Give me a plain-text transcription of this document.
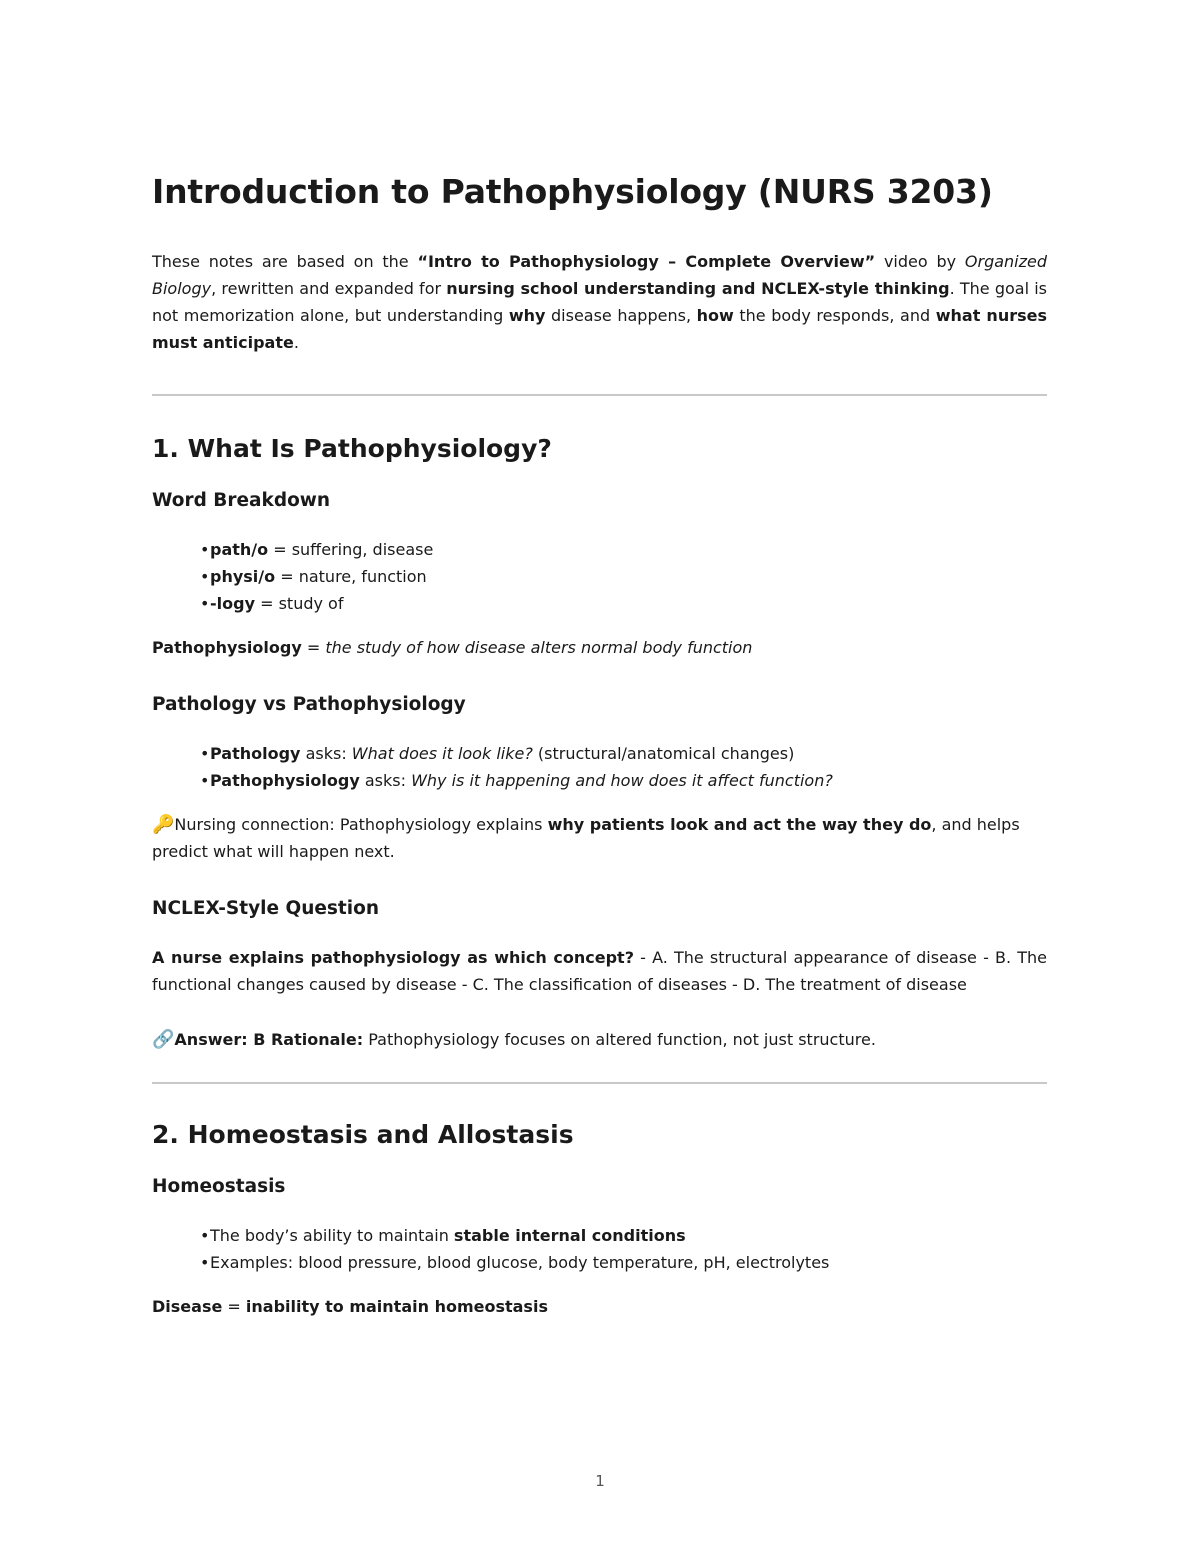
Introduction to Pathophysiology (NURS 3203)

These notes are based on the “Intro to Pathophysiology – Complete Overview” video by Organized Biology, rewritten and expanded for nursing school understanding and NCLEX-style thinking. The goal is not memorization alone, but understanding why disease happens, how the body responds, and what nurses must anticipate.

1. What Is Pathophysiology?
Word Breakdown
•path/o = suffering, disease
•physi/o = nature, function
•-logy = study of

Pathophysiology = the study of how disease alters normal body function

Pathology vs Pathophysiology
•Pathology asks: What does it look like? (structural/anatomical changes)
•Pathophysiology asks: Why is it happening and how does it affect function?

🔑Nursing connection: Pathophysiology explains why patients look and act the way they do, and helps predict what will happen next.

NCLEX-Style Question

A nurse explains pathophysiology as which concept? - A. The structural appearance of disease - B. The functional changes caused by disease - C. The classification of diseases - D. The treatment of disease

🔗Answer: B Rationale: Pathophysiology focuses on altered function, not just structure.

2. Homeostasis and Allostasis
Homeostasis
•The body’s ability to maintain stable internal conditions
•Examples: blood pressure, blood glucose, body temperature, pH, electrolytes

Disease = inability to maintain homeostasis

1
